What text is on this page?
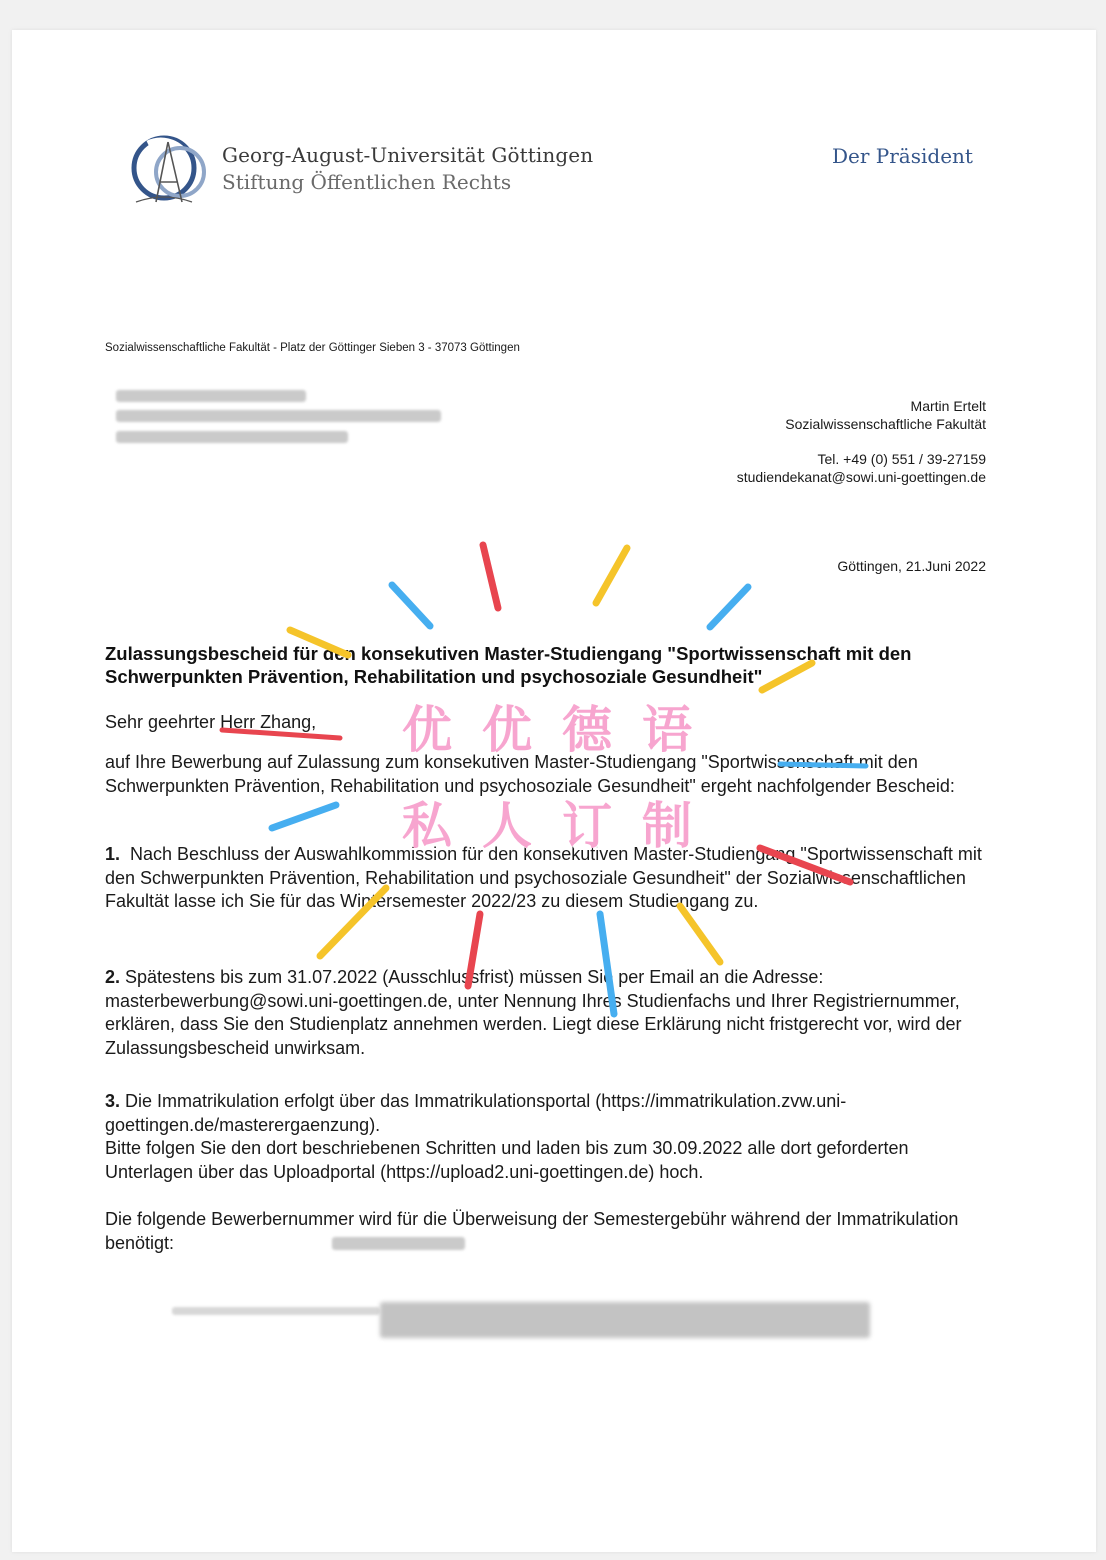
Georg-August-Universität Göttingen
Stiftung Öffentlichen Rechts
Der Präsident
Sozialwissenschaftliche Fakultät - Platz der Göttinger Sieben 3 - 37073 Göttingen
Martin Ertelt
Sozialwissenschaftliche Fakultät
Tel. +49 (0) 551 / 39-27159
studiendekanat@sowi.uni-goettingen.de
Göttingen, 21.Juni 2022
Zulassungsbescheid für den konsekutiven Master-Studiengang "Sportwissenschaft mit den Schwerpunkten Prävention, Rehabilitation und psychosoziale Gesundheit"

Sehr geehrter Herr Zhang,

auf Ihre Bewerbung auf Zulassung zum konsekutiven Master-Studiengang "Sportwissenschaft mit den Schwerpunkten Prävention, Rehabilitation und psychosoziale Gesundheit" ergeht nachfolgender Bescheid:

1. Nach Beschluss der Auswahlkommission für den konsekutiven Master-Studiengang "Sportwissenschaft mit den Schwerpunkten Prävention, Rehabilitation und psychosoziale Gesundheit" der Sozialwissenschaftlichen Fakultät lasse ich Sie für das Wintersemester 2022/23 zu diesem Studiengang zu.

2. Spätestens bis zum 31.07.2022 (Ausschlussfrist) müssen Sie per Email an die Adresse: masterbewerbung@sowi.uni-goettingen.de, unter Nennung Ihres Studienfachs und Ihrer Registriernummer, erklären, dass Sie den Studienplatz annehmen werden. Liegt diese Erklärung nicht fristgerecht vor, wird der Zulassungsbescheid unwirksam.

3. Die Immatrikulation erfolgt über das Immatrikulationsportal (https://immatrikulation.zvw.uni-goettingen.de/masterergaenzung).

Bitte folgen Sie den dort beschriebenen Schritten und laden bis zum 30.09.2022 alle dort geforderten Unterlagen über das Uploadportal (https://upload2.uni-goettingen.de) hoch.

Die folgende Bewerbernummer wird für die Überweisung der Semestergebühr während der Immatrikulation benötigt:

优优德语
私人订制
